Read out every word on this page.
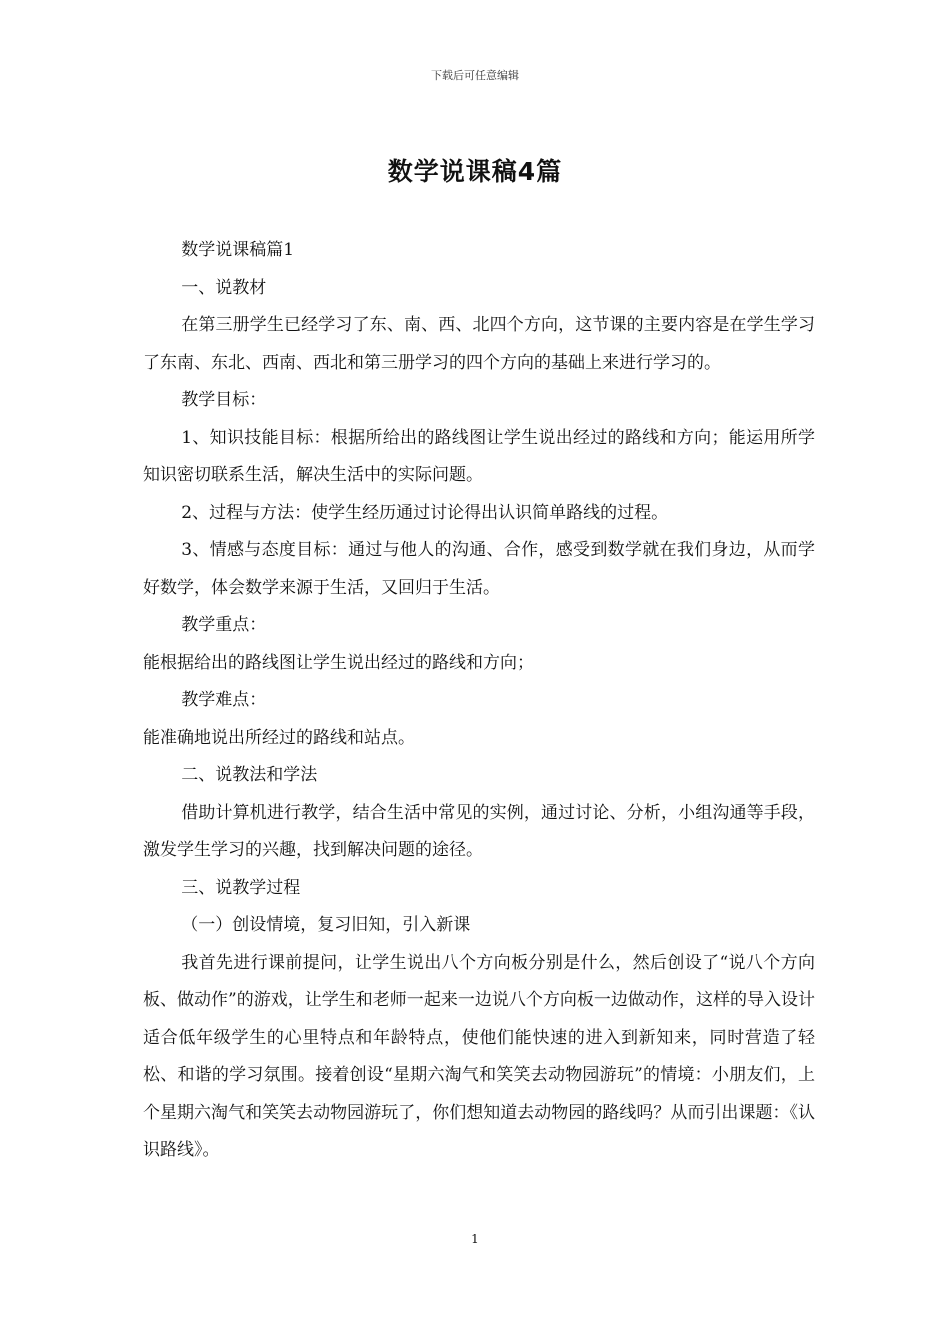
下载后可任意编辑
数学说课稿4篇

数学说课稿篇1

一、说教材

在第三册学生已经学习了东、南、西、北四个方向，这节课的主要内容是在学生学习了东南、东北、西南、西北和第三册学习的四个方向的基础上来进行学习的。

教学目标：

1、知识技能目标：根据所给出的路线图让学生说出经过的路线和方向；能运用所学知识密切联系生活，解决生活中的实际问题。

2、过程与方法：使学生经历通过讨论得出认识简单路线的过程。

3、情感与态度目标：通过与他人的沟通、合作，感受到数学就在我们身边，从而学好数学，体会数学来源于生活，又回归于生活。

教学重点：

能根据给出的路线图让学生说出经过的路线和方向；

教学难点：

能准确地说出所经过的路线和站点。

二、说教法和学法

借助计算机进行教学，结合生活中常见的实例，通过讨论、分析，小组沟通等手段，激发学生学习的兴趣，找到解决问题的途径。

三、说教学过程

（一）创设情境，复习旧知，引入新课

我首先进行课前提问，让学生说出八个方向板分别是什么，然后创设了“说八个方向板、做动作”的游戏，让学生和老师一起来一边说八个方向板一边做动作，这样的导入设计适合低年级学生的心里特点和年龄特点，使他们能快速的进入到新知来，同时营造了轻松、和谐的学习氛围。接着创设“星期六淘气和笑笑去动物园游玩”的情境：小朋友们，上个星期六淘气和笑笑去动物园游玩了，你们想知道去动物园的路线吗？从而引出课题：《认识路线》。

1
